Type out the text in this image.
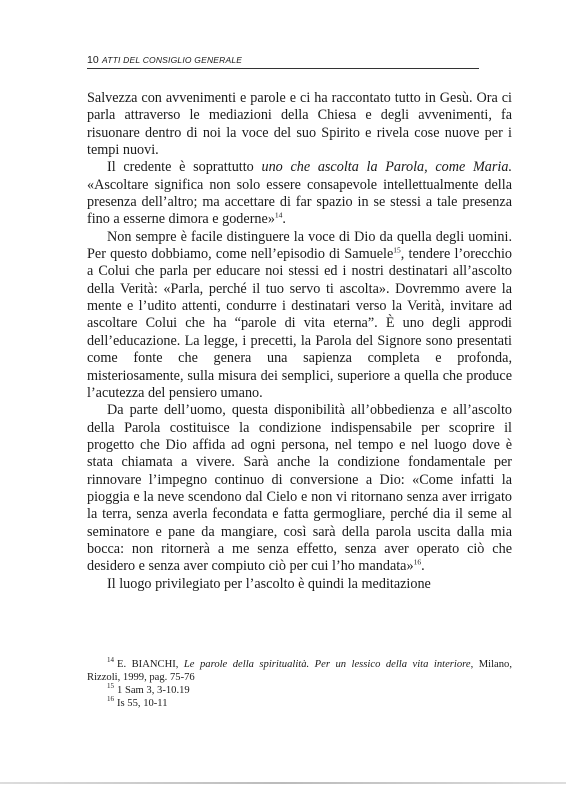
10 ATTI DEL CONSIGLIO GENERALE

Salvezza con avvenimenti e parole e ci ha raccontato tutto in Gesù. Ora ci parla attraverso le mediazioni della Chiesa e degli avvenimenti, fa risuonare dentro di noi la voce del suo Spirito e rivela cose nuove per i tempi nuovi.

Il credente è soprattutto uno che ascolta la Parola, come Maria. «Ascoltare significa non solo essere consapevole intellettualmente della presenza dell’altro; ma accettare di far spazio in se stessi a tale presenza fino a esserne dimora e goderne»$^{14}$.

Non sempre è facile distinguere la voce di Dio da quella degli uomini. Per questo dobbiamo, come nell’episodio di Samuele$^{15}$, tendere l’orecchio a Colui che parla per educare noi stessi ed i nostri destinatari all’ascolto della Verità: «Parla, perché il tuo servo ti ascolta». Dovremmo avere la mente e l’udito attenti, condurre i destinatari verso la Verità, invitare ad ascoltare Colui che ha “parole di vita eterna”. È uno degli approdi dell’educazione. La legge, i precetti, la Parola del Signore sono presentati come fonte che genera una sapienza completa e profonda, misteriosamente, sulla misura dei semplici, superiore a quella che produce l’acutezza del pensiero umano.

Da parte dell’uomo, questa disponibilità all’obbedienza e all’ascolto della Parola costituisce la condizione indispensabile per scoprire il progetto che Dio affida ad ogni persona, nel tempo e nel luogo dove è stata chiamata a vivere. Sarà anche la condizione fondamentale per rinnovare l’impegno continuo di conversione a Dio: «Come infatti la pioggia e la neve scendono dal Cielo e non vi ritornano senza aver irrigato la terra, senza averla fecondata e fatta germogliare, perché dia il seme al seminatore e pane da mangiare, così sarà della parola uscita dalla mia bocca: non ritornerà a me senza effetto, senza aver operato ciò che desidero e senza aver compiuto ciò per cui l’ho mandata»$^{16}$.

Il luogo privilegiato per l’ascolto è quindi la meditazione

$^{14}$ E. BIANCHI, Le parole della spiritualità. Per un lessico della vita interiore, Milano, Rizzoli, 1999, pag. 75-76
$^{15}$ 1 Sam 3, 3-10.19
$^{16}$ Is 55, 10-11
